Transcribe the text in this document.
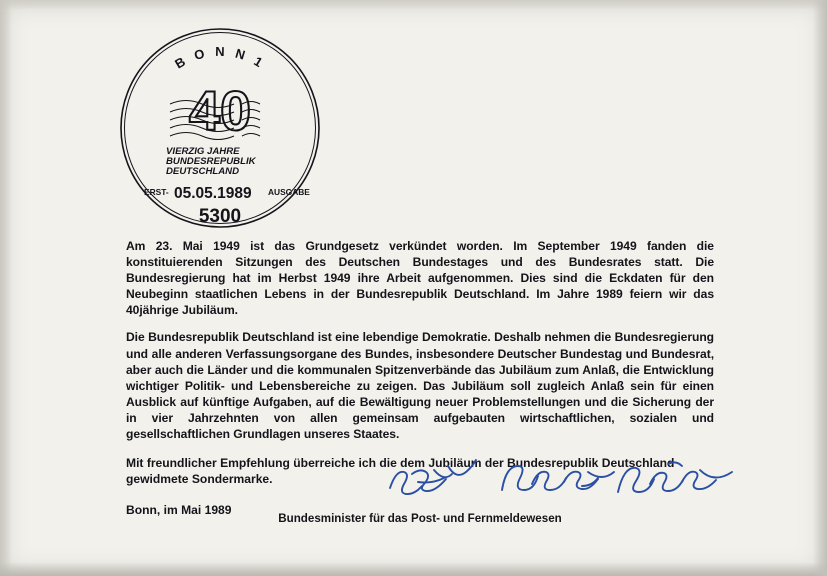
B O N N 1
40
VIERZIG JAHRE
BUNDESREPUBLIK
DEUTSCHLAND
ERST- 05.05.1989 AUSGABE
5300

Am 23. Mai 1949 ist das Grundgesetz verkündet worden. Im September 1949 fanden die konstituierenden Sitzungen des Deutschen Bundestages und des Bundesrates statt. Die Bundesregierung hat im Herbst 1949 ihre Arbeit aufgenommen. Dies sind die Eckdaten für den Neubeginn staatlichen Lebens in der Bundesrepublik Deutschland. Im Jahre 1989 feiern wir das 40jährige Jubiläum.

Die Bundesrepublik Deutschland ist eine lebendige Demokratie. Deshalb nehmen die Bundesregierung und alle anderen Verfassungsorgane des Bundes, insbesondere Deutscher Bundestag und Bundesrat, aber auch die Länder und die kommunalen Spitzenverbände das Jubiläum zum Anlaß, die Entwicklung wichtiger Politik- und Lebensbereiche zu zeigen. Das Jubiläum soll zugleich Anlaß sein für einen Ausblick auf künftige Aufgaben, auf die Bewältigung neuer Problemstellungen und die Sicherung der in vier Jahrzehnten von allen gemeinsam aufgebauten wirtschaftlichen, sozialen und gesellschaftlichen Grundlagen unseres Staates.

Mit freundlicher Empfehlung überreiche ich die dem Jubiläum der Bundesrepublik Deutschland gewidmete Sondermarke.
Bonn, im Mai 1989
Bundesminister für das Post- und Fernmeldewesen
